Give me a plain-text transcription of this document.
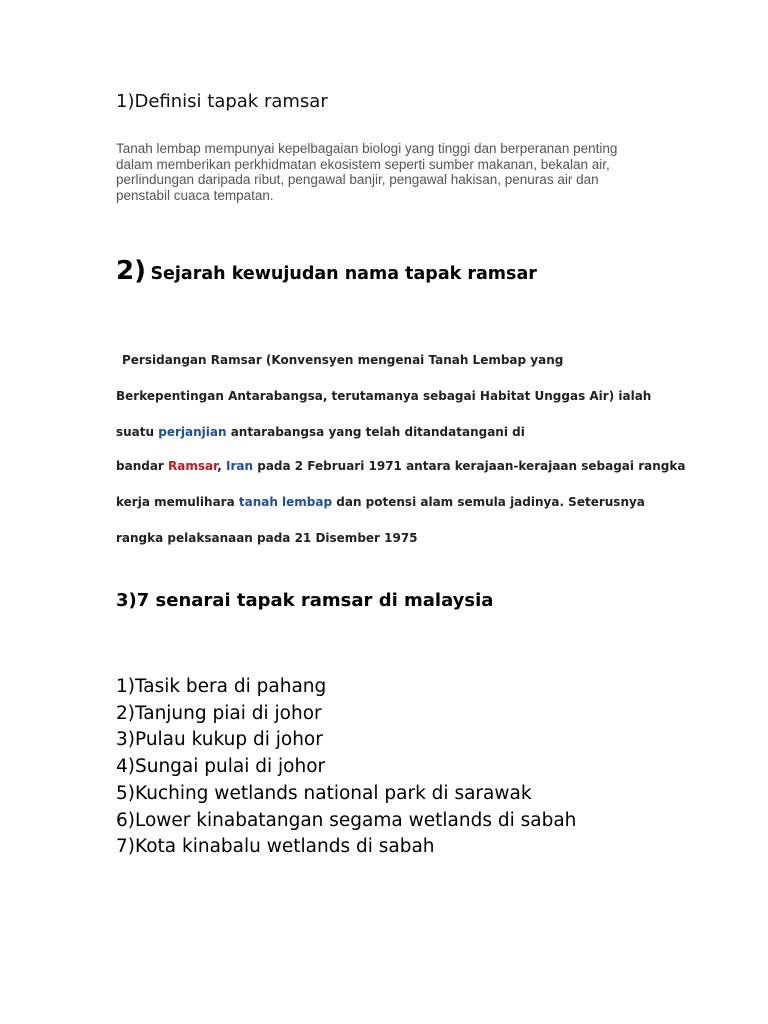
1)Definisi tapak ramsar
Tanah lembap mempunyai kepelbagaian biologi yang tinggi dan berperanan penting
dalam memberikan perkhidmatan ekosistem seperti sumber makanan, bekalan air,
perlindungan daripada ribut, pengawal banjir, pengawal hakisan, penuras air dan
penstabil cuaca tempatan.
2) Sejarah kewujudan nama tapak ramsar
Persidangan Ramsar (Konvensyen mengenai Tanah Lembap yang
Berkepentingan Antarabangsa, terutamanya sebagai Habitat Unggas Air) ialah
suatu perjanjian antarabangsa yang telah ditandatangani di
bandar Ramsar, Iran pada 2 Februari 1971 antara kerajaan-kerajaan sebagai rangka
kerja memulihara tanah lembap dan potensi alam semula jadinya. Seterusnya
rangka pelaksanaan pada 21 Disember 1975
3)7 senarai tapak ramsar di malaysia
1)Tasik bera di pahang
2)Tanjung piai di johor
3)Pulau kukup di johor
4)Sungai pulai di johor
5)Kuching wetlands national park di sarawak
6)Lower kinabatangan segama wetlands di sabah
7)Kota kinabalu wetlands di sabah
